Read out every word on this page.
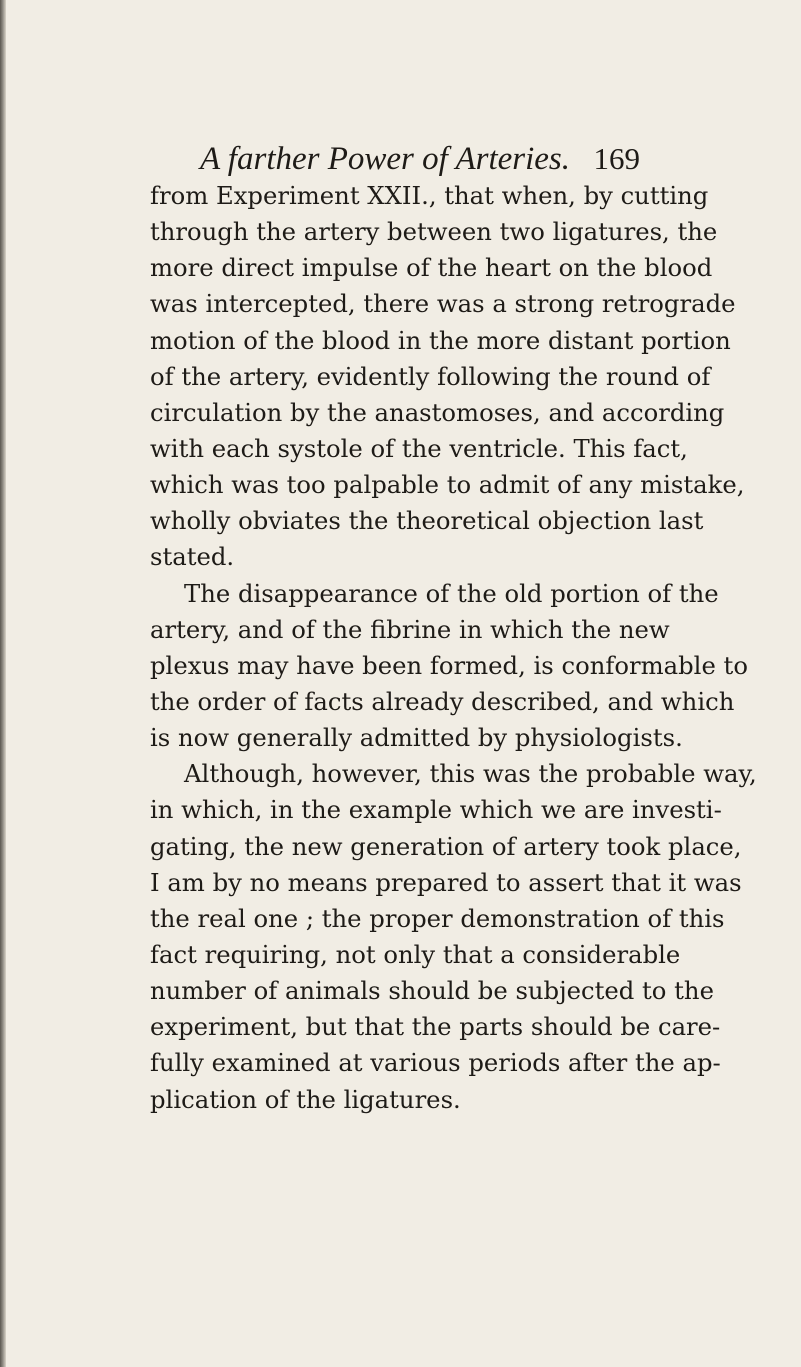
A farther Power of Arteries. 169
from Experiment XXII., that when, by cutting
through the artery between two ligatures, the
more direct impulse of the heart on the blood
was intercepted, there was a strong retrograde
motion of the blood in the more distant portion
of the artery, evidently following the round of
circulation by the anastomoses, and according
with each systole of the ventricle. This fact,
which was too palpable to admit of any mistake,
wholly obviates the theoretical objection last
stated.
The disappearance of the old portion of the
artery, and of the fibrine in which the new
plexus may have been formed, is conformable to
the order of facts already described, and which
is now generally admitted by physiologists.
Although, however, this was the probable way,
in which, in the example which we are investi-
gating, the new generation of artery took place,
I am by no means prepared to assert that it was
the real one ; the proper demonstration of this
fact requiring, not only that a considerable
number of animals should be subjected to the
experiment, but that the parts should be care-
fully examined at various periods after the ap-
plication of the ligatures.
